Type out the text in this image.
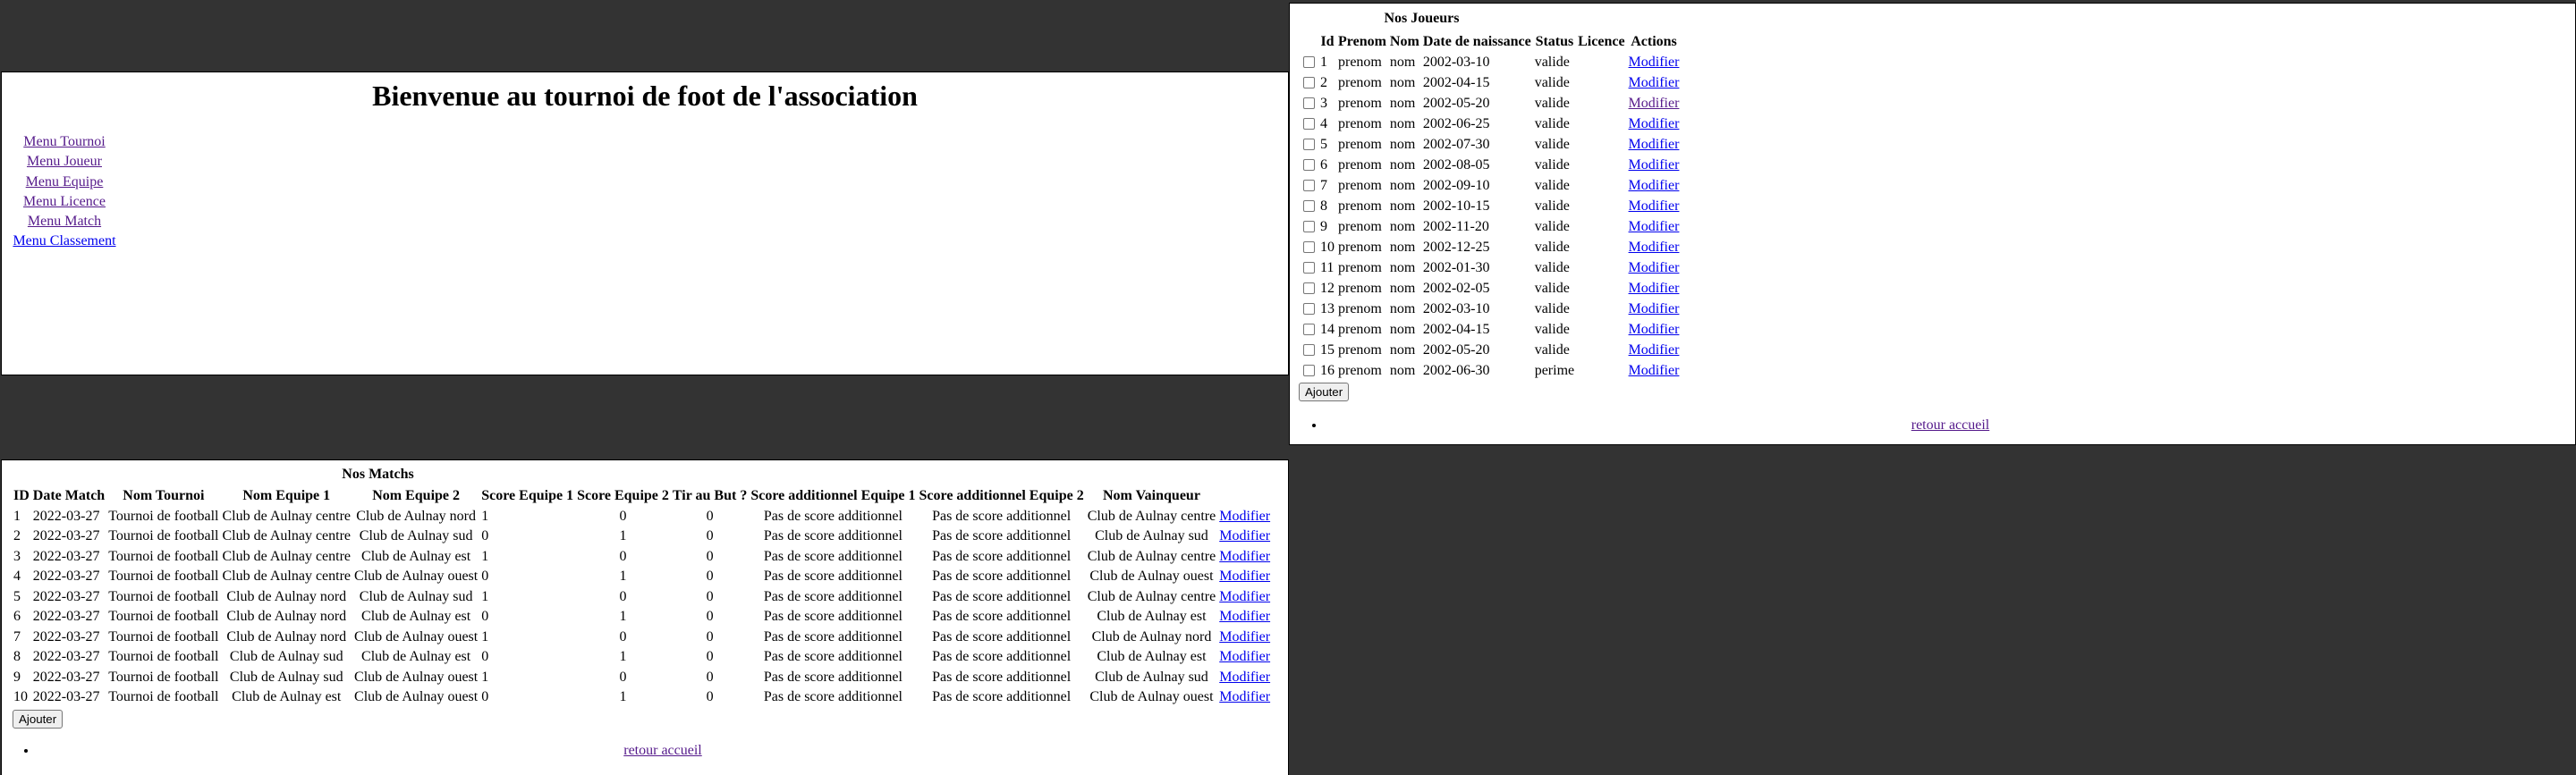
Bienvenue au tournoi de foot de l'association
Menu Tournoi
Menu Joueur
Menu Equipe
Menu Licence
Menu Match
Menu Classement
Nos Matchs
ID	Date Match	Nom Tournoi	Nom Equipe 1	Nom Equipe 2	Score Equipe 1	Score Equipe 2	Tir au But ?	Score additionnel Equipe 1	Score additionnel Equipe 2	Nom Vainqueur	
1	2022-03-27	Tournoi de football	Club de Aulnay centre	Club de Aulnay nord	1	0	0	Pas de score additionnel	Pas de score additionnel	Club de Aulnay centre	Modifier
2	2022-03-27	Tournoi de football	Club de Aulnay centre	Club de Aulnay sud	0	1	0	Pas de score additionnel	Pas de score additionnel	Club de Aulnay sud	Modifier
3	2022-03-27	Tournoi de football	Club de Aulnay centre	Club de Aulnay est	1	0	0	Pas de score additionnel	Pas de score additionnel	Club de Aulnay centre	Modifier
4	2022-03-27	Tournoi de football	Club de Aulnay centre	Club de Aulnay ouest	0	1	0	Pas de score additionnel	Pas de score additionnel	Club de Aulnay ouest	Modifier
5	2022-03-27	Tournoi de football	Club de Aulnay nord	Club de Aulnay sud	1	0	0	Pas de score additionnel	Pas de score additionnel	Club de Aulnay centre	Modifier
6	2022-03-27	Tournoi de football	Club de Aulnay nord	Club de Aulnay est	0	1	0	Pas de score additionnel	Pas de score additionnel	Club de Aulnay est	Modifier
7	2022-03-27	Tournoi de football	Club de Aulnay nord	Club de Aulnay ouest	1	0	0	Pas de score additionnel	Pas de score additionnel	Club de Aulnay nord	Modifier
8	2022-03-27	Tournoi de football	Club de Aulnay sud	Club de Aulnay est	0	1	0	Pas de score additionnel	Pas de score additionnel	Club de Aulnay est	Modifier
9	2022-03-27	Tournoi de football	Club de Aulnay sud	Club de Aulnay ouest	1	0	0	Pas de score additionnel	Pas de score additionnel	Club de Aulnay sud	Modifier
10	2022-03-27	Tournoi de football	Club de Aulnay est	Club de Aulnay ouest	0	1	0	Pas de score additionnel	Pas de score additionnel	Club de Aulnay ouest	Modifier
Ajouter
• retour accueil
Nos Joueurs
	Id	Prenom	Nom	Date de naissance	Status	Licence	Actions
	1	prenom	nom	2002-03-10	valide		Modifier
	2	prenom	nom	2002-04-15	valide		Modifier
	3	prenom	nom	2002-05-20	valide		Modifier
	4	prenom	nom	2002-06-25	valide		Modifier
	5	prenom	nom	2002-07-30	valide		Modifier
	6	prenom	nom	2002-08-05	valide		Modifier
	7	prenom	nom	2002-09-10	valide		Modifier
	8	prenom	nom	2002-10-15	valide		Modifier
	9	prenom	nom	2002-11-20	valide		Modifier
	10	prenom	nom	2002-12-25	valide		Modifier
	11	prenom	nom	2002-01-30	valide		Modifier
	12	prenom	nom	2002-02-05	valide		Modifier
	13	prenom	nom	2002-03-10	valide		Modifier
	14	prenom	nom	2002-04-15	valide		Modifier
	15	prenom	nom	2002-05-20	valide		Modifier
	16	prenom	nom	2002-06-30	perime		Modifier
Ajouter
• retour accueil
